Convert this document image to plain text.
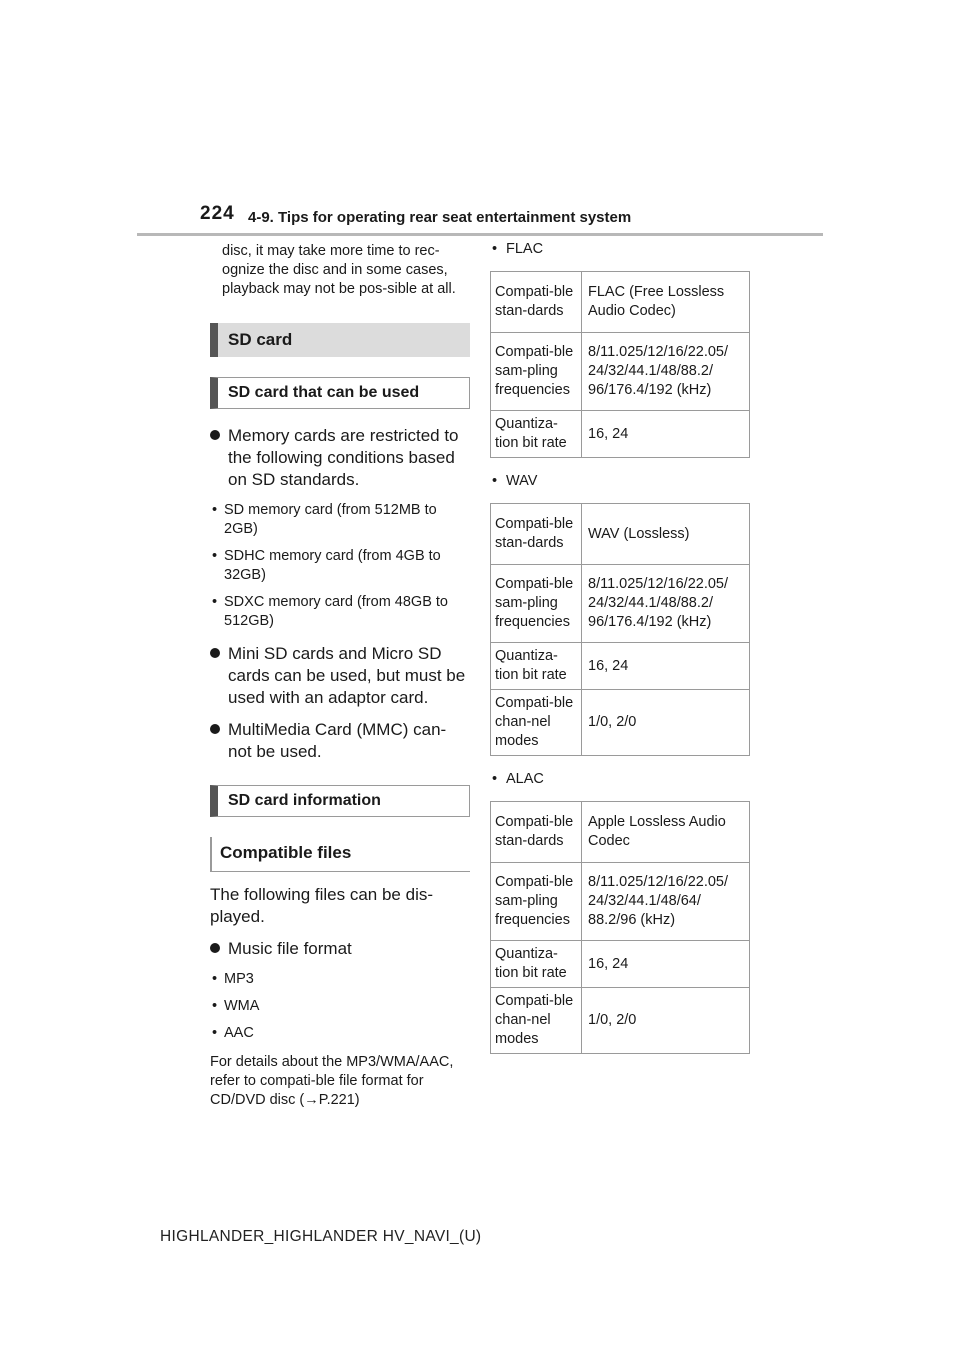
224 4-9. Tips for operating rear seat entertainment system
disc, it may take more time to rec-ognize the disc and in some cases, playback may not be pos-sible at all.
SD card
SD card that can be used
Memory cards are restricted to the following conditions based on SD standards.
• SD memory card (from 512MB to 2GB)
• SDHC memory card (from 4GB to 32GB)
• SDXC memory card (from 48GB to 512GB)
Mini SD cards and Micro SD cards can be used, but must be used with an adaptor card.
MultiMedia Card (MMC) can-not be used.
SD card information
Compatible files
The following files can be dis-played.
Music file format
• MP3
• WMA
• AAC
For details about the MP3/WMA/AAC, refer to compati-ble file format for CD/DVD disc (→P.221)
• FLAC
Compati-ble stan-dards	FLAC (Free Lossless Audio Codec)
Compati-ble sam-pling frequencies	8/11.025/12/16/22.05/ 24/32/44.1/48/88.2/ 96/176.4/192 (kHz)
Quantiza-tion bit rate	16, 24
• WAV
Compati-ble stan-dards	WAV (Lossless)
Compati-ble sam-pling frequencies	8/11.025/12/16/22.05/ 24/32/44.1/48/88.2/ 96/176.4/192 (kHz)
Quantiza-tion bit rate	16, 24
Compati-ble chan-nel modes	1/0, 2/0
• ALAC
Compati-ble stan-dards	Apple Lossless Audio Codec
Compati-ble sam-pling frequencies	8/11.025/12/16/22.05/ 24/32/44.1/48/64/ 88.2/96 (kHz)
Quantiza-tion bit rate	16, 24
Compati-ble chan-nel modes	1/0, 2/0
HIGHLANDER_HIGHLANDER HV_NAVI_(U)
